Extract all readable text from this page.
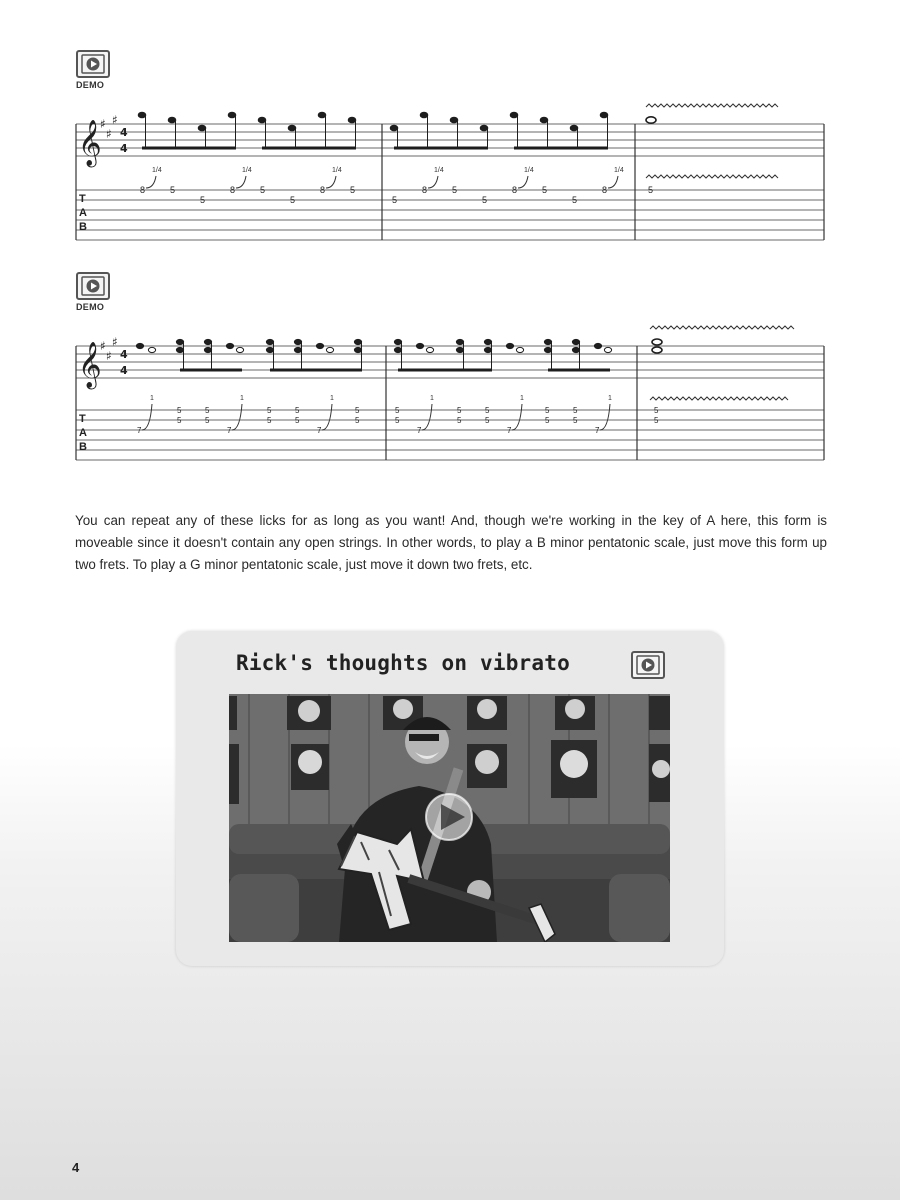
DEMO
𝄞
♯
♯
♯
4
4
T
A
B
1/4	1/4	1/4	1/4	1/4	1/4
8	5
5
8	5
5
8	5
5
8	5
5
8	5
5
8	5
DEMO
𝄞
♯
♯
♯
4
4
T
A
B
1	1	1	1	1	1
7
5
5
5
5
7
5
5
5
5
7
5
5
5
5
7
5
5
5
5
7
5
5
5
5
7
5
5

You can repeat any of these licks for as long as you want! And, though we're working in the key of A here, this form is moveable since it doesn't contain any open strings. In other words, to play a B minor pentatonic scale, just move this form up two frets. To play a G minor pentatonic scale, just move it down two frets, etc.

Rick's thoughts on vibrato
4
